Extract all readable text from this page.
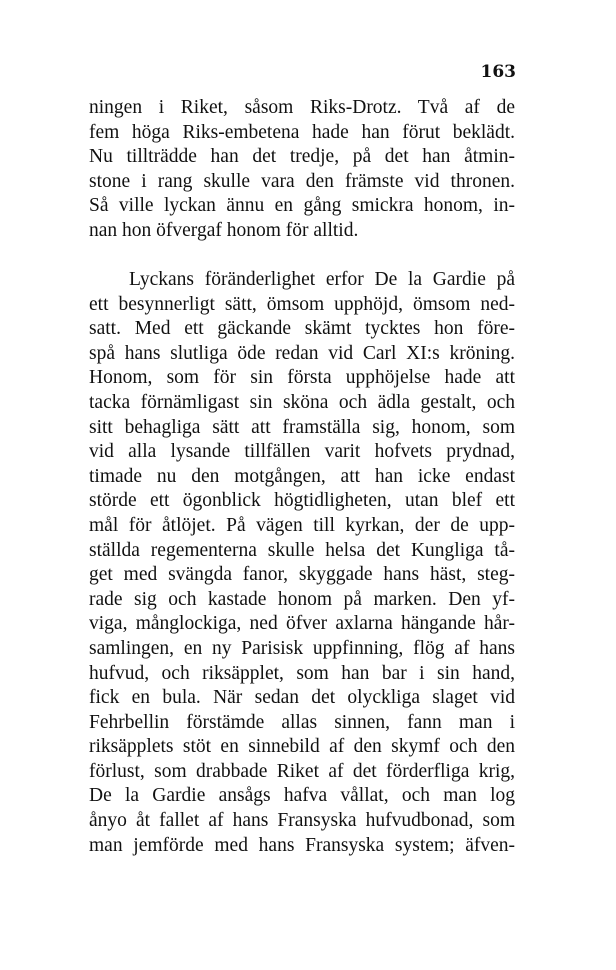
163
ningen i Riket, såsom Riks-Drotz. Två af de
fem höga Riks-embetena hade han förut beklädt.
Nu tillträdde han det tredje, på det han åtmin-
stone i rang skulle vara den främste vid thronen.
Så ville lyckan ännu en gång smickra honom, in-
nan hon öfvergaf honom för alltid.
Lyckans föränderlighet erfor De la Gardie på
ett besynnerligt sätt, ömsom upphöjd, ömsom ned-
satt. Med ett gäckande skämt tycktes hon före-
spå hans slutliga öde redan vid Carl XI:s kröning.
Honom, som för sin första upphöjelse hade att
tacka förnämligast sin sköna och ädla gestalt, och
sitt behagliga sätt att framställa sig, honom, som
vid alla lysande tillfällen varit hofvets prydnad,
timade nu den motgången, att han icke endast
störde ett ögonblick högtidligheten, utan blef ett
mål för åtlöjet. På vägen till kyrkan, der de upp-
ställda regementerna skulle helsa det Kungliga tå-
get med svängda fanor, skyggade hans häst, steg-
rade sig och kastade honom på marken. Den yf-
viga, månglockiga, ned öfver axlarna hängande hår-
samlingen, en ny Parisisk uppfinning, flög af hans
hufvud, och riksäpplet, som han bar i sin hand,
fick en bula. När sedan det olyckliga slaget vid
Fehrbellin förstämde allas sinnen, fann man i
riksäpplets stöt en sinnebild af den skymf och den
förlust, som drabbade Riket af det förderfliga krig,
De la Gardie ansågs hafva vållat, och man log
ånyo åt fallet af hans Fransyska hufvudbonad, som
man jemförde med hans Fransyska system; äfven-
